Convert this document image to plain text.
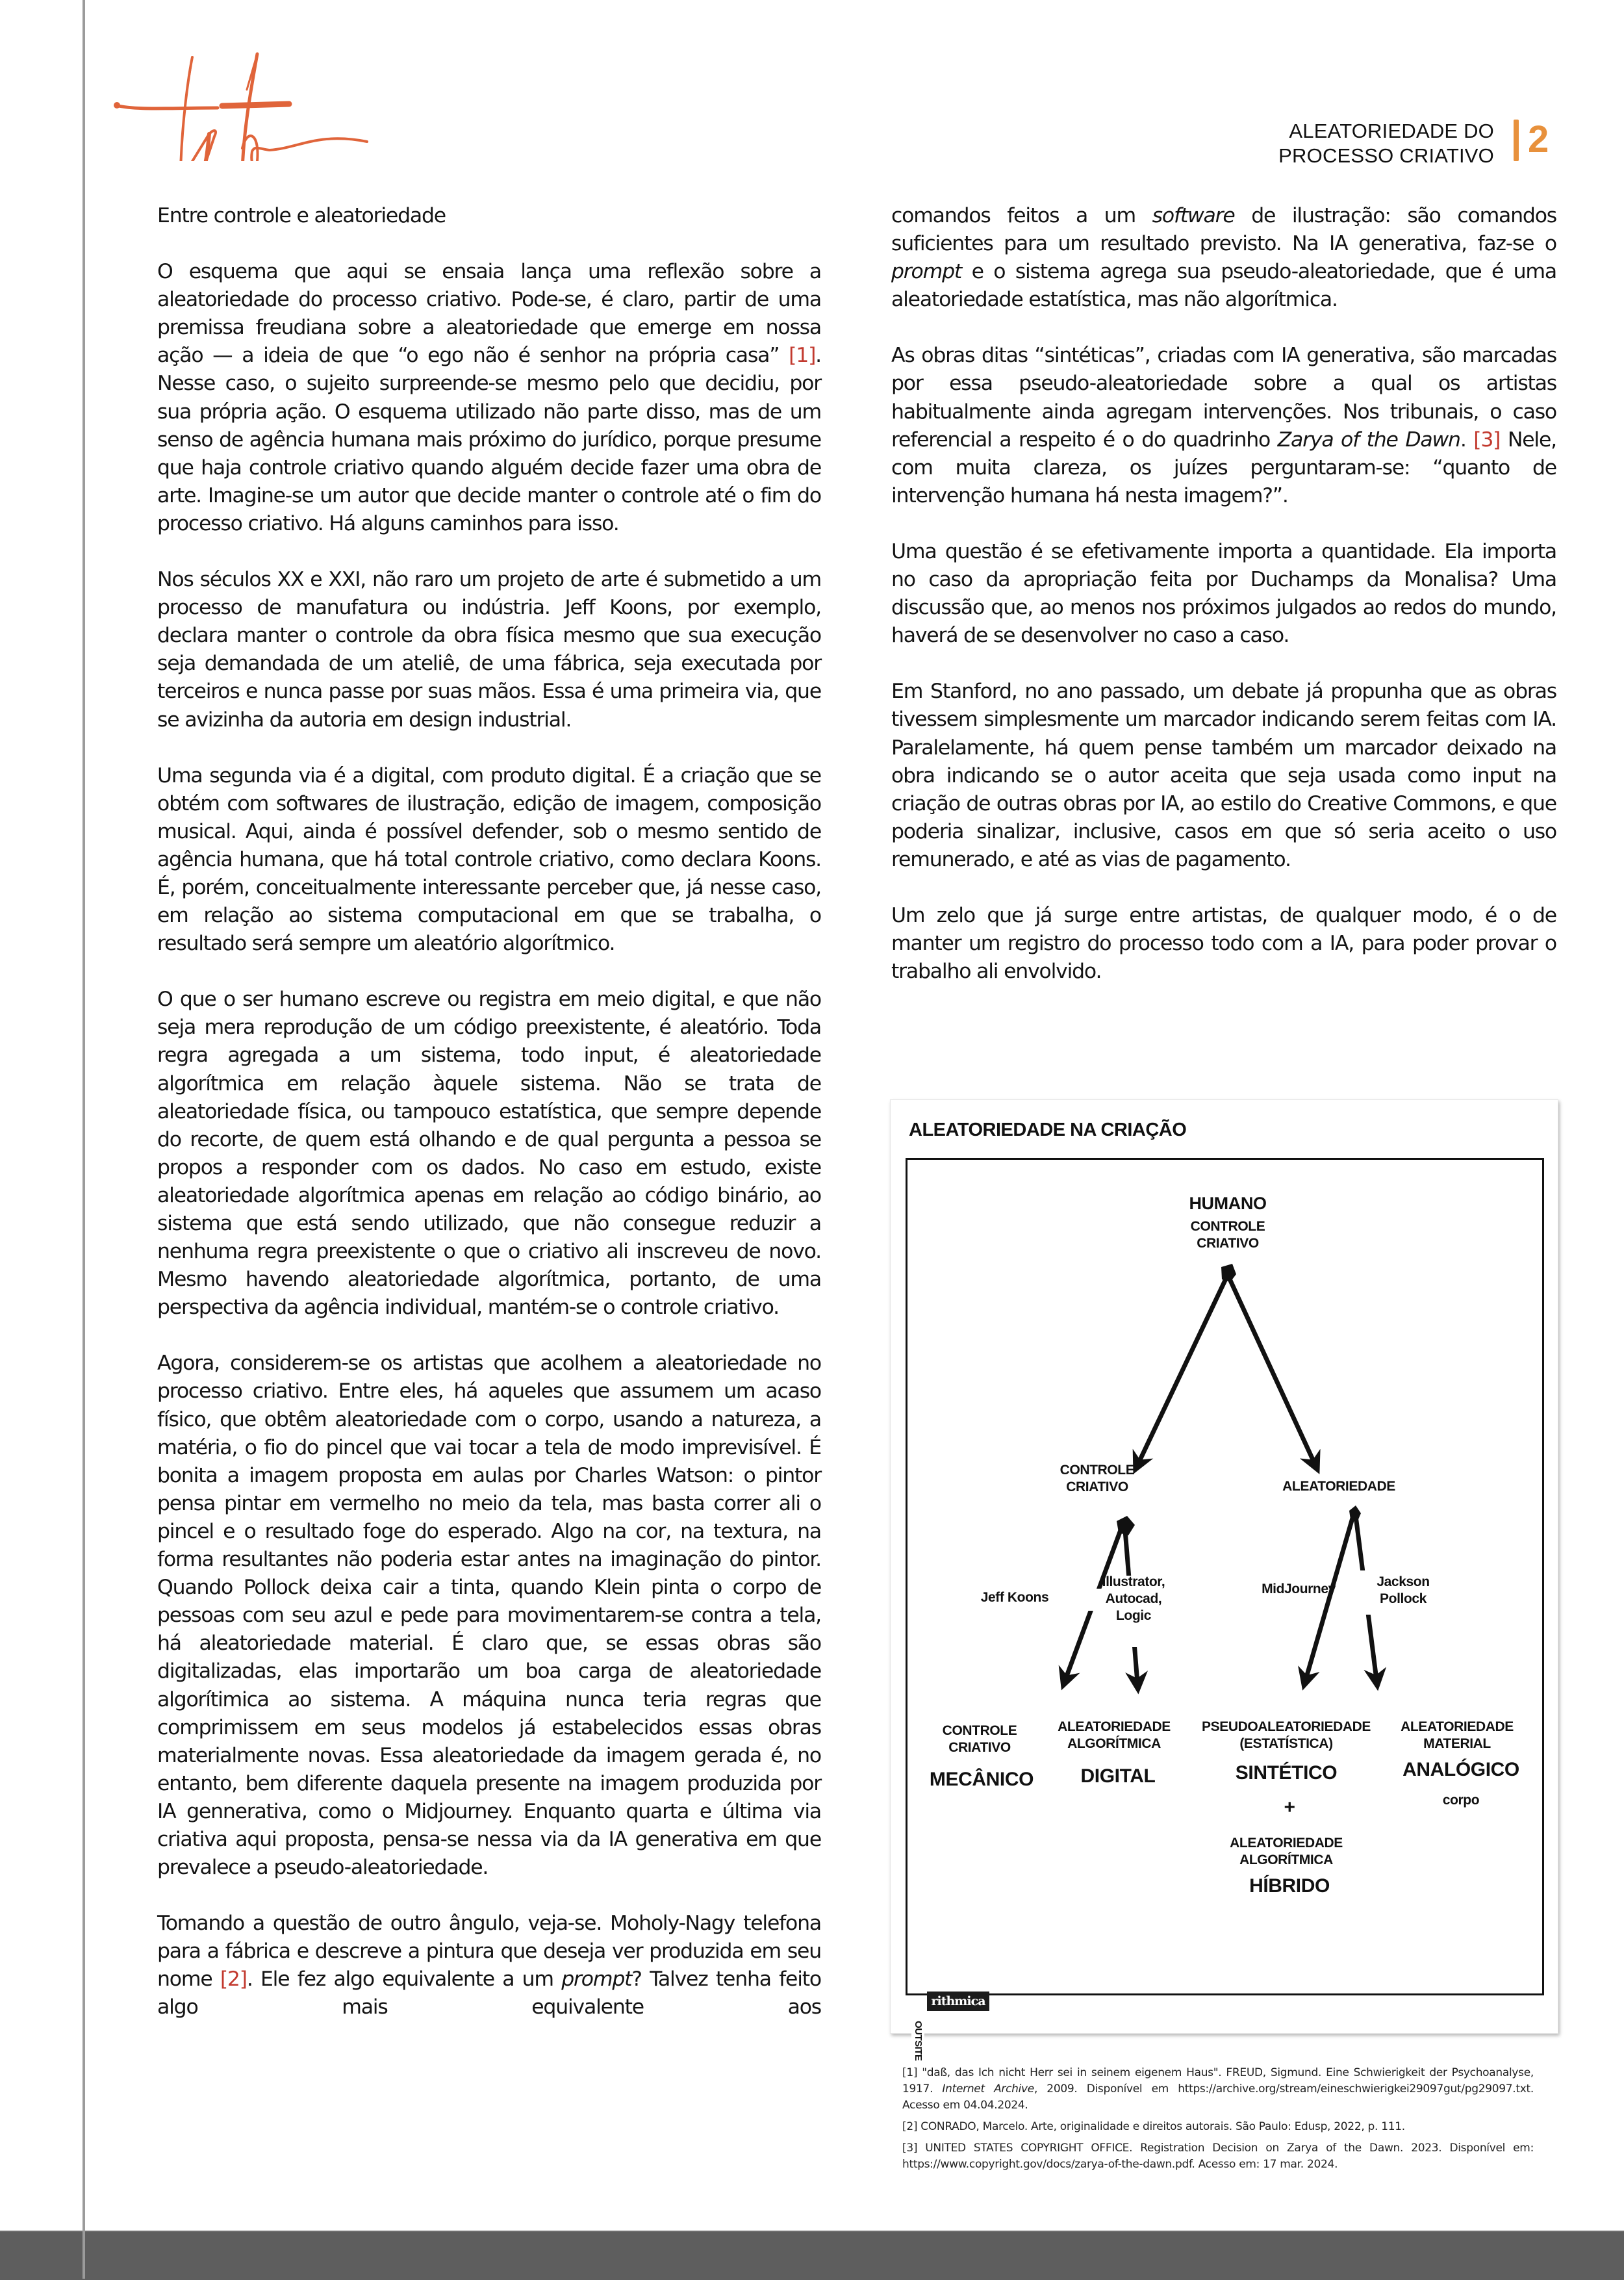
ALEATORIEDADE DO
PROCESSO CRIATIVO 2

Entre controle e aleatoriedade

O esquema que aqui se ensaia lança uma reflexão sobre a aleatoriedade do processo criativo. Pode-se, é claro, partir de uma premissa freudiana sobre a aleatoriedade que emerge em nossa ação — a ideia de que “o ego não é senhor na própria casa” [1]. Nesse caso, o sujeito surpreende-se mesmo pelo que decidiu, por sua própria ação. O esquema utilizado não parte disso, mas de um senso de agência humana mais próximo do jurídico, porque presume que haja controle criativo quando alguém decide fazer uma obra de arte. Imagine-se um autor que decide manter o controle até o fim do processo criativo. Há alguns caminhos para isso.

Nos séculos XX e XXI, não raro um projeto de arte é submetido a um processo de manufatura ou indústria. Jeff Koons, por exemplo, declara manter o controle da obra física mesmo que sua execução seja demandada de um ateliê, de uma fábrica, seja executada por terceiros e nunca passe por suas mãos. Essa é uma primeira via, que se avizinha da autoria em design industrial.

Uma segunda via é a digital, com produto digital. É a criação que se obtém com softwares de ilustração, edição de imagem, composição musical. Aqui, ainda é possível defender, sob o mesmo sentido de agência humana, que há total controle criativo, como declara Koons. É, porém, conceitualmente interessante perceber que, já nesse caso, em relação ao sistema computacional em que se trabalha, o resultado será sempre um aleatório algorítmico.

O que o ser humano escreve ou registra em meio digital, e que não seja mera reprodução de um código preexistente, é aleatório. Toda regra agregada a um sistema, todo input, é aleatoriedade algorítmica em relação àquele sistema. Não se trata de aleatoriedade física, ou tampouco estatística, que sempre depende do recorte, de quem está olhando e de qual pergunta a pessoa se propos a responder com os dados. No caso em estudo, existe aleatoriedade algorítmica apenas em relação ao código binário, ao sistema que está sendo utilizado, que não consegue reduzir a nenhuma regra preexistente o que o criativo ali inscreveu de novo. Mesmo havendo aleatoriedade algorítmica, portanto, de uma perspectiva da agência individual, mantém-se o controle criativo.

Agora, considerem-se os artistas que acolhem a aleatoriedade no processo criativo. Entre eles, há aqueles que assumem um acaso físico, que obtêm aleatoriedade com o corpo, usando a natureza, a matéria, o fio do pincel que vai tocar a tela de modo imprevisível. É bonita a imagem proposta em aulas por Charles Watson: o pintor pensa pintar em vermelho no meio da tela, mas basta correr ali o pincel e o resultado foge do esperado. Algo na cor, na textura, na forma resultantes não poderia estar antes na imaginação do pintor. Quando Pollock deixa cair a tinta, quando Klein pinta o corpo de pessoas com seu azul e pede para movimentarem-se contra a tela, há aleatoriedade material. É claro que, se essas obras são digitalizadas, elas importarão um boa carga de aleatoriedade algorítimica ao sistema. A máquina nunca teria regras que comprimissem em seus modelos já estabelecidos essas obras materialmente novas. Essa aleatoriedade da imagem gerada é, no entanto, bem diferente daquela presente na imagem produzida por IA gennerativa, como o Midjourney. Enquanto quarta e última via criativa aqui proposta, pensa-se nessa via da IA generativa em que prevalece a pseudo-aleatoriedade.

Tomando a questão de outro ângulo, veja-se. Moholy-Nagy telefona para a fábrica e descreve a pintura que deseja ver produzida em seu nome [2]. Ele fez algo equivalente a um prompt? Talvez tenha feito algo mais equivalente aos

comandos feitos a um software de ilustração: são comandos suficientes para um resultado previsto. Na IA generativa, faz-se o prompt e o sistema agrega sua pseudo-aleatoriedade, que é uma aleatoriedade estatística, mas não algorítmica.

As obras ditas “sintéticas”, criadas com IA generativa, são marcadas por essa pseudo-aleatoriedade sobre a qual os artistas habitualmente ainda agregam intervenções. Nos tribunais, o caso referencial a respeito é o do quadrinho Zarya of the Dawn. [3] Nele, com muita clareza, os juízes perguntaram-se: “quanto de intervenção humana há nesta imagem?”.

Uma questão é se efetivamente importa a quantidade. Ela importa no caso da apropriação feita por Duchamps da Monalisa? Uma discussão que, ao menos nos próximos julgados ao redos do mundo, haverá de se desenvolver no caso a caso.

Em Stanford, no ano passado, um debate já propunha que as obras tivessem simplesmente um marcador indicando serem feitas com IA. Paralelamente, há quem pense também um marcador deixado na obra indicando se o autor aceita que seja usada como input na criação de outras obras por IA, ao estilo do Creative Commons, e que poderia sinalizar, inclusive, casos em que só seria aceito o uso remunerado, e até as vias de pagamento.

Um zelo que já surge entre artistas, de qualquer modo, é o de manter um registro do processo todo com a IA, para poder provar o trabalho ali envolvido.

ALEATORIEDADE NA CRIAÇÃO
HUMANO
CONTROLE
CRIATIVO
CONTROLE
CRIATIVO	ALEATORIEDADE
Jeff Koons
Illustrator,
Autocad,
Logic
MidJourney	Jackson
Pollock
CONTROLE
CRIATIVO
MECÂNICO
ALEATORIEDADE
ALGORÍTMICA
DIGITAL
PSEUDOALEATORIEDADE
(ESTATÍSTICA)
SINTÉTICO
+
ALEATORIEDADE
ALGORÍTMICA
HÍBRIDO
ALEATORIEDADE
MATERIAL
ANALÓGICO
corpo
OUTSITE
rithmica

[1] "daß, das Ich nicht Herr sei in seinem eigenem Haus". FREUD, Sigmund. Eine Schwierigkeit der Psychoanalyse, 1917. Internet Archive, 2009. Disponível em https://archive.org/stream/eineschwierigkei29097gut/pg29097.txt. Acesso em 04.04.2024.

[2] CONRADO, Marcelo. Arte, originalidade e direitos autorais. São Paulo: Edusp, 2022, p. 111.

[3] UNITED STATES COPYRIGHT OFFICE. Registration Decision on Zarya of the Dawn. 2023. Disponível em: https://www.copyright.gov/docs/zarya-of-the-dawn.pdf. Acesso em: 17 mar. 2024.
